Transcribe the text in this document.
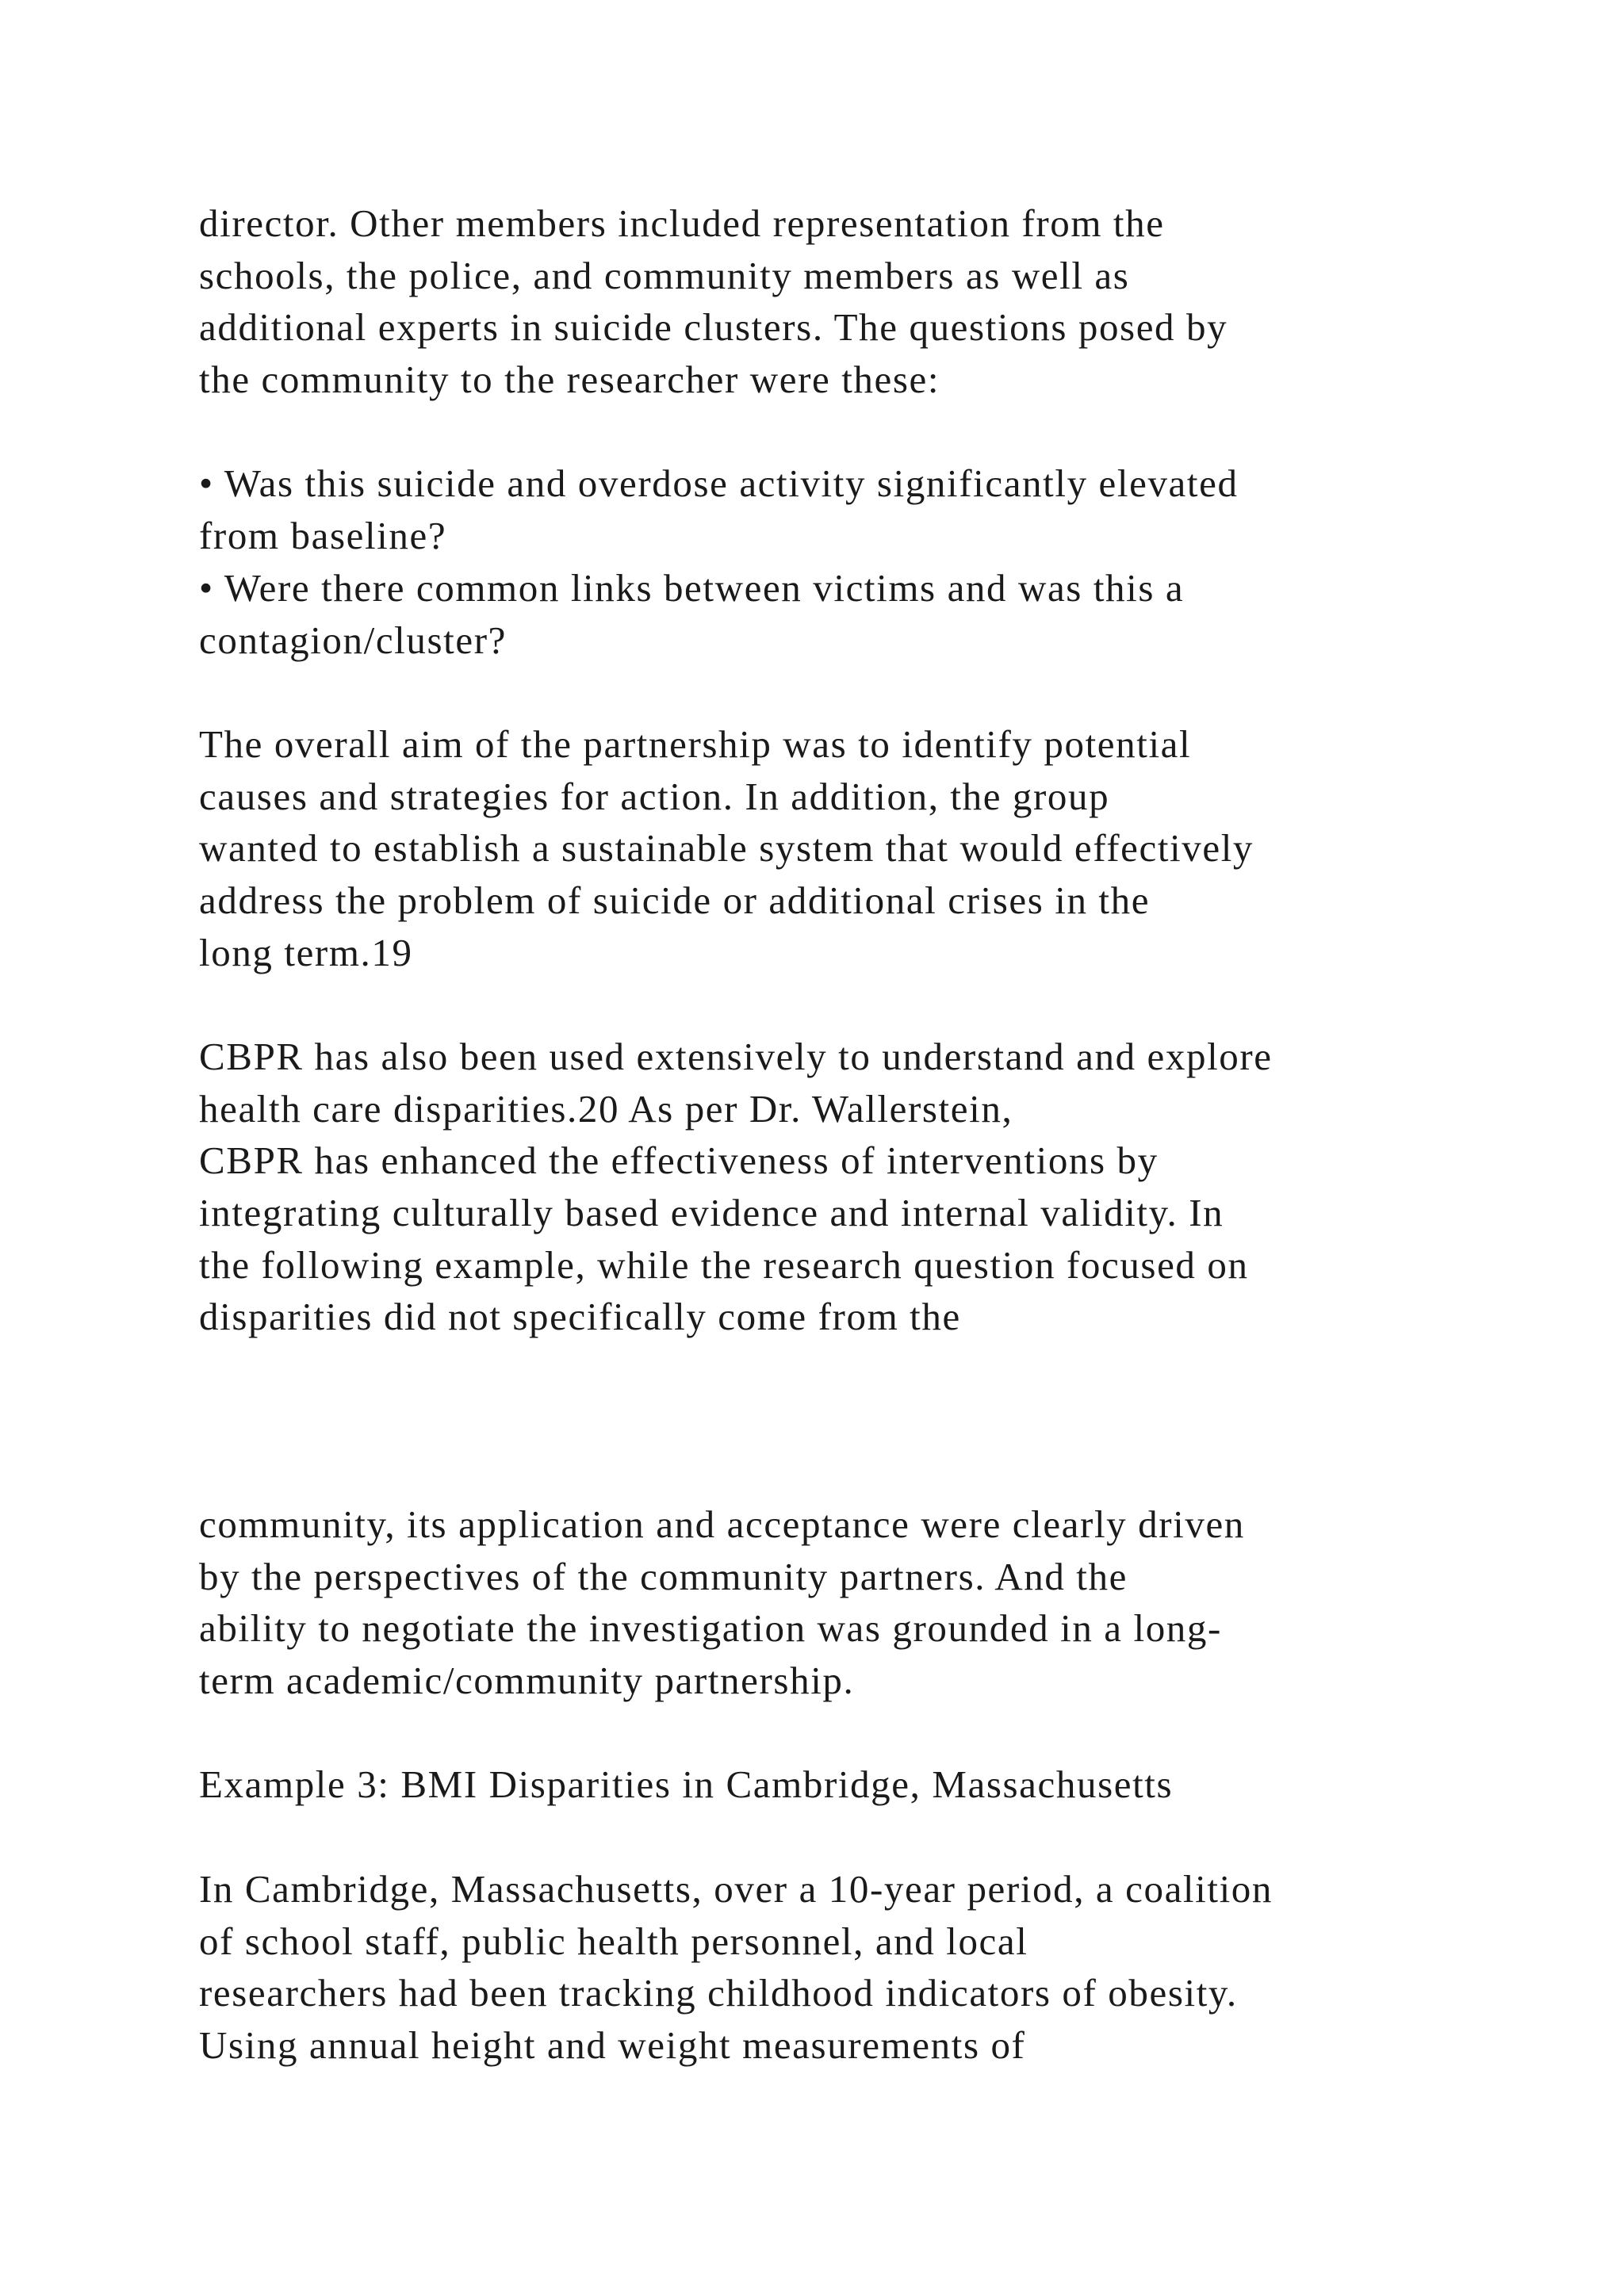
director. Other members included representation from the
schools, the police, and community members as well as
additional experts in suicide clusters. The questions posed by
the community to the researcher were these:
• Was this suicide and overdose activity significantly elevated
from baseline?
• Were there common links between victims and was this a
contagion/cluster?
The overall aim of the partnership was to identify potential
causes and strategies for action. In addition, the group
wanted to establish a sustainable system that would effectively
address the problem of suicide or additional crises in the
long term.19
CBPR has also been used extensively to understand and explore
health care disparities.20 As per Dr. Wallerstein,
CBPR has enhanced the effectiveness of interventions by
integrating culturally based evidence and internal validity. In
the following example, while the research question focused on
disparities did not specifically come from the
community, its application and acceptance were clearly driven
by the perspectives of the community partners. And the
ability to negotiate the investigation was grounded in a long-
term academic/community partnership.
Example 3: BMI Disparities in Cambridge, Massachusetts
In Cambridge, Massachusetts, over a 10-year period, a coalition
of school staff, public health personnel, and local
researchers had been tracking childhood indicators of obesity.
Using annual height and weight measurements of
